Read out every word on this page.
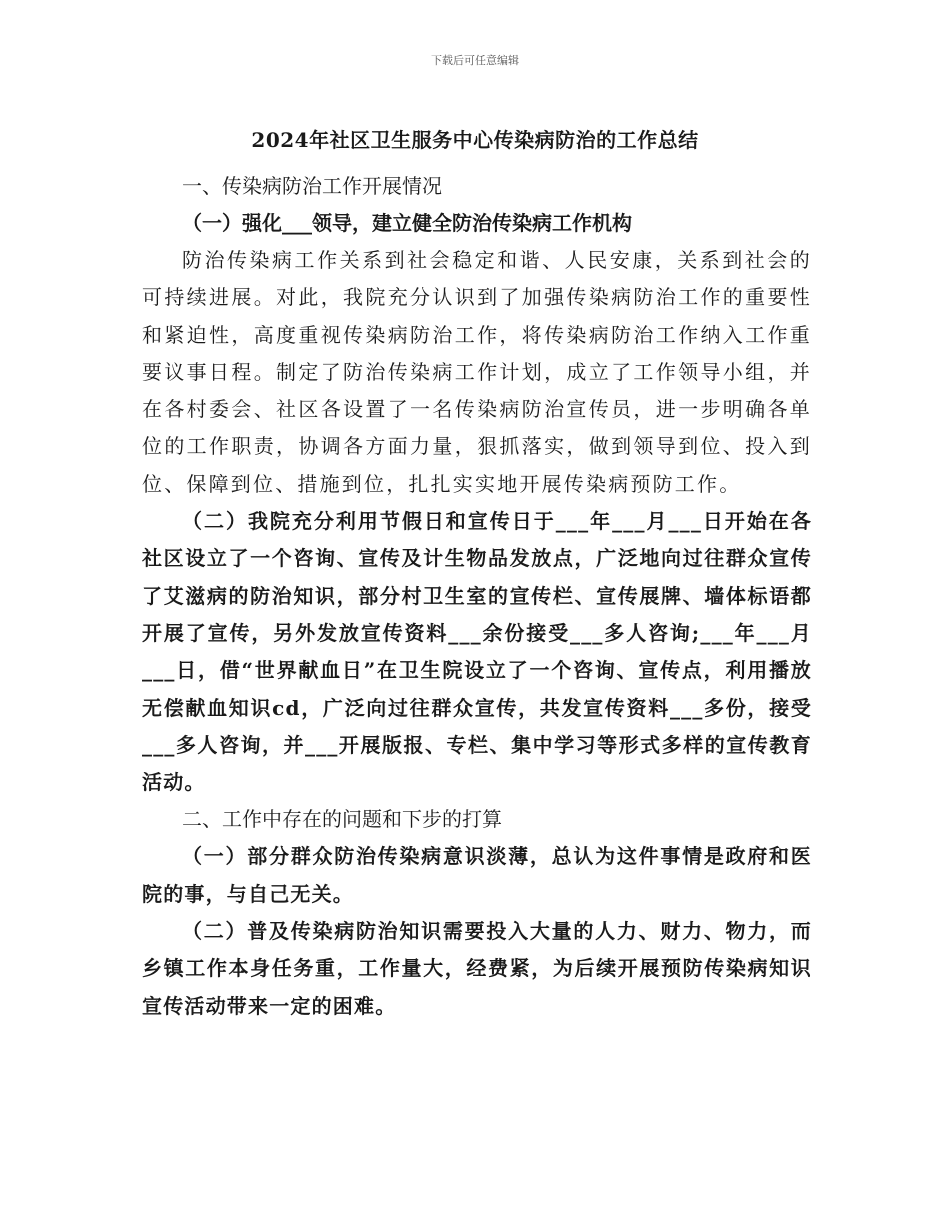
下载后可任意编辑
2024年社区卫生服务中心传染病防治的工作总结

一、传染病防治工作开展情况

（一）强化___领导，建立健全防治传染病工作机构

防治传染病工作关系到社会稳定和谐、人民安康，关系到社会的可持续进展。对此，我院充分认识到了加强传染病防治工作的重要性和紧迫性，高度重视传染病防治工作，将传染病防治工作纳入工作重要议事日程。制定了防治传染病工作计划，成立了工作领导小组，并在各村委会、社区各设置了一名传染病防治宣传员，进一步明确各单位的工作职责，协调各方面力量，狠抓落实，做到领导到位、投入到位、保障到位、措施到位，扎扎实实地开展传染病预防工作。

（二）我院充分利用节假日和宣传日于___年___月___日开始在各社区设立了一个咨询、宣传及计生物品发放点，广泛地向过往群众宣传了艾滋病的防治知识，部分村卫生室的宣传栏、宣传展牌、墙体标语都开展了宣传，另外发放宣传资料___余份接受___多人咨询;___年___月___日，借“世界献血日”在卫生院设立了一个咨询、宣传点，利用播放无偿献血知识cd，广泛向过往群众宣传，共发宣传资料___多份，接受___多人咨询，并___开展版报、专栏、集中学习等形式多样的宣传教育活动。

二、工作中存在的问题和下步的打算

（一）部分群众防治传染病意识淡薄，总认为这件事情是政府和医院的事，与自己无关。

（二）普及传染病防治知识需要投入大量的人力、财力、物力，而乡镇工作本身任务重，工作量大，经费紧，为后续开展预防传染病知识宣传活动带来一定的困难。
